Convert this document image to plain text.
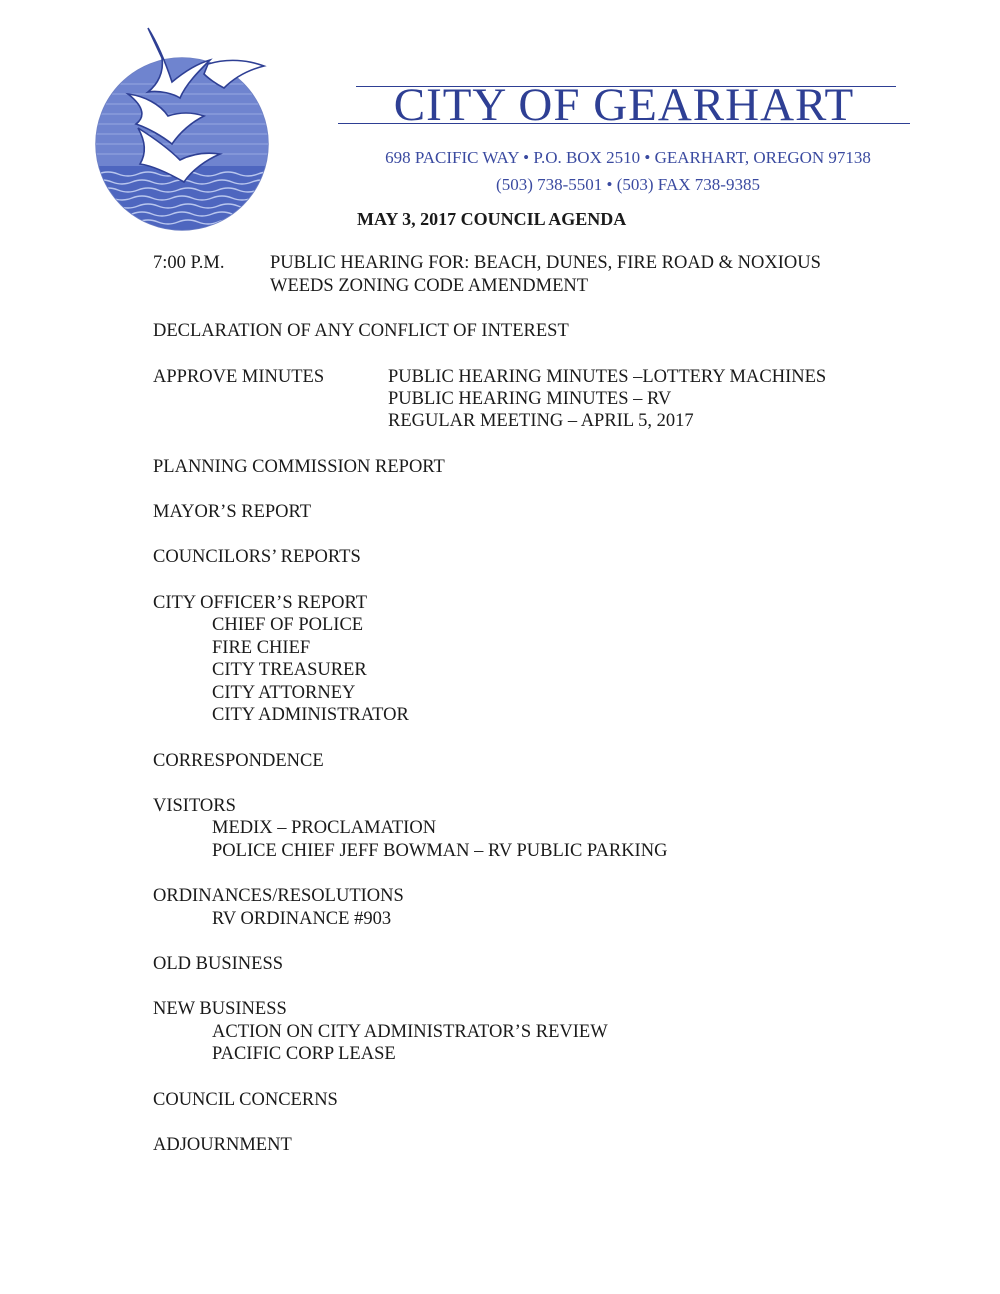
CITY OF GEARHART
698 PACIFIC WAY • P.O. BOX 2510 • GEARHART, OREGON 97138
(503) 738-5501 • (503) FAX 738-9385
MAY 3, 2017 COUNCIL AGENDA
7:00 P.M. PUBLIC HEARING FOR: BEACH, DUNES, FIRE ROAD & NOXIOUS
WEEDS ZONING CODE AMENDMENT
DECLARATION OF ANY CONFLICT OF INTEREST
APPROVE MINUTES	PUBLIC HEARING MINUTES –LOTTERY MACHINES
PUBLIC HEARING MINUTES – RV
REGULAR MEETING – APRIL 5, 2017
PLANNING COMMISSION REPORT
MAYOR’S REPORT
COUNCILORS’ REPORTS
CITY OFFICER’S REPORT
CHIEF OF POLICE
FIRE CHIEF
CITY TREASURER
CITY ATTORNEY
CITY ADMINISTRATOR
CORRESPONDENCE
VISITORS
MEDIX – PROCLAMATION
POLICE CHIEF JEFF BOWMAN – RV PUBLIC PARKING
ORDINANCES/RESOLUTIONS
RV ORDINANCE #903
OLD BUSINESS
NEW BUSINESS
ACTION ON CITY ADMINISTRATOR’S REVIEW
PACIFIC CORP LEASE
COUNCIL CONCERNS
ADJOURNMENT
